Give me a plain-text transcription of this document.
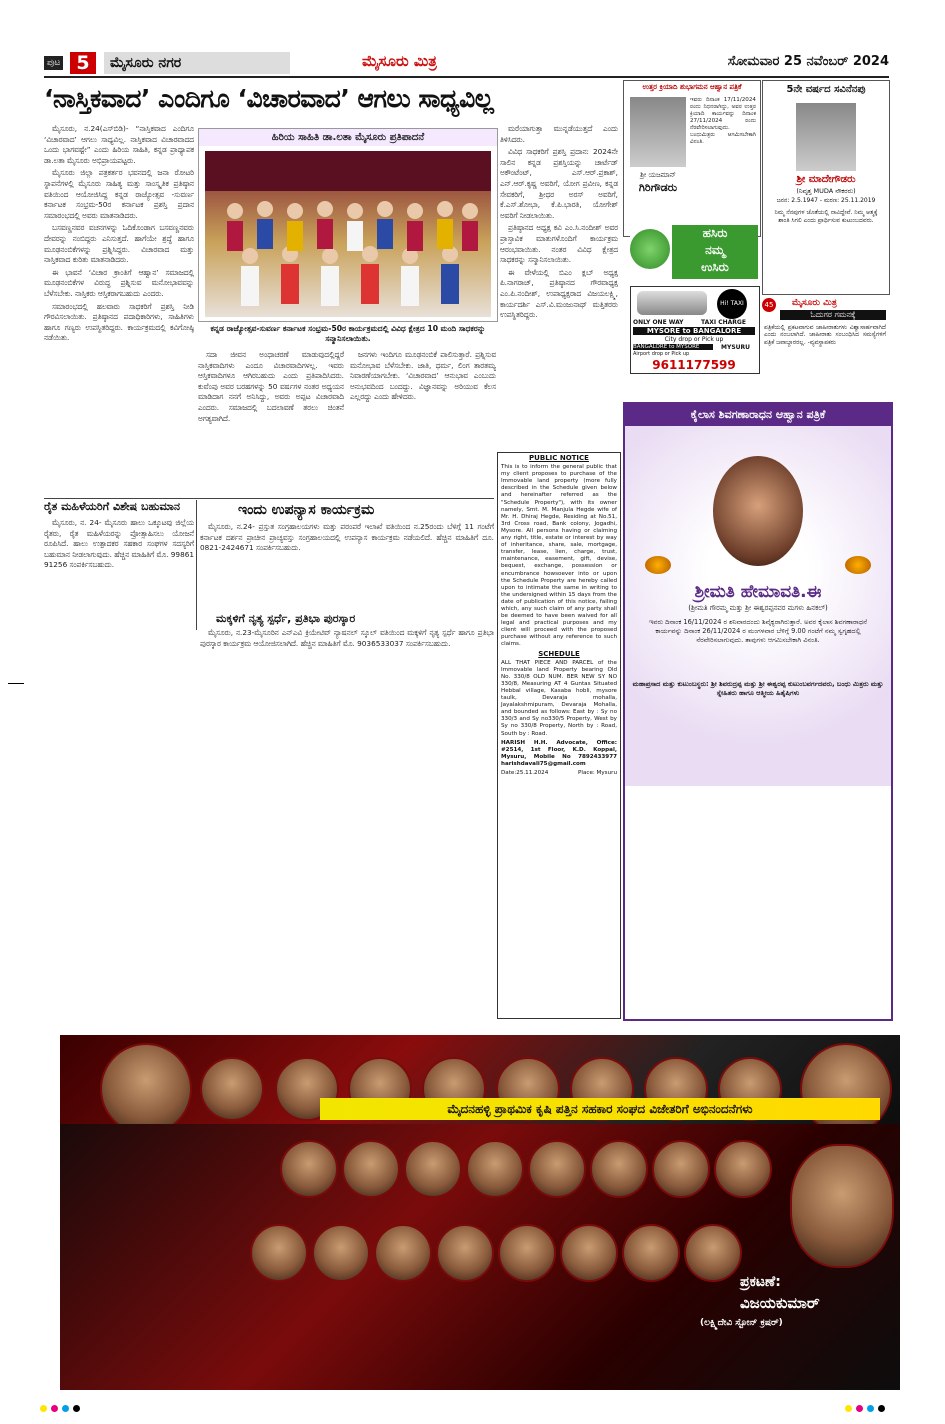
ಪುಟ 5	ಮೈಸೂರು ನಗರ	ಮೈಸೂರು ಮಿತ್ರ	ಸೋಮವಾರ 25 ನವೆಂಬರ್ 2024
‘ನಾಸ್ತಿಕವಾದ’ ಎಂದಿಗೂ ‘ವಿಚಾರವಾದ’ ಆಗಲು ಸಾಧ್ಯವಿಲ್ಲ

ಮೈಸೂರು, ನ.24(ಎಸ್‌ಬಿಡಿ)- “ನಾಸ್ತಿಕವಾದ ಎಂದಿಗೂ ‘ವಿಚಾರವಾದ’ ಆಗಲು ಸಾಧ್ಯವಿಲ್ಲ. ನಾಸ್ತಿಕವಾದ ವಿಚಾರವಾದದ ಒಂದು ಭಾಗವಷ್ಟೇ” ಎಂದು ಹಿರಿಯ ಸಾಹಿತಿ, ಕನ್ನಡ ಪ್ರಾಧ್ಯಾಪಕ ಡಾ.ಲತಾ ಮೈಸೂರು ಅಭಿಪ್ರಾಯಪಟ್ಟರು.

ಮೈಸೂರು ಜಿಲ್ಲಾ ಪತ್ರಕರ್ತರ ಭವನದಲ್ಲಿ ಜನಾ ರೋಟರಿ ಸ್ಥಾಪನೆಗಳಲ್ಲಿ ಮೈಸೂರು ಸಾಹಿತ್ಯ ಮತ್ತು ಸಾಂಸ್ಕೃತಿಕ ಪ್ರತಿಷ್ಠಾನ ವತಿಯಿಂದ ಆಯೋಜಿಸಿದ್ದ ಕನ್ನಡ ರಾಜ್ಯೋತ್ಸವ -ಸುವರ್ಣ ಕರ್ನಾಟಕ ಸಂಭ್ರಮ-50ರ ಕರ್ನಾಟಕ ಪ್ರಶಸ್ತಿ ಪ್ರದಾನ ಸಮಾರಂಭದಲ್ಲಿ ಅವರು ಮಾತನಾಡಿದರು.

ಬಸವಣ್ಣನವರ ವಚನಗಳನ್ನು ಓದಿಕೊಂಡಾಗ ಬಸವಣ್ಣನವರು ದೇವರನ್ನು ನಂಬಿದ್ದರು ಎನಿಸುತ್ತದೆ. ಹಾಗೆಯೇ ಶ್ರದ್ಧೆ ಹಾಗೂ ಮೂಢನಂಬಿಕೆಗಳನ್ನು ಪ್ರಶ್ನಿಸಿದ್ದರು. ವಿಚಾರವಾದ ಮತ್ತು ನಾಸ್ತಿಕವಾದ ಕುರಿತು ಮಾತನಾಡಿದರು.

ಈ ಭಾವನೆ ‘ವಿಚಾರ ಕ್ರಾಂತಿಗೆ ಆಹ್ವಾನ’ ಸಮಾಜದಲ್ಲಿ ಮೂಢನಂಬಿಕೆಗಳ ವಿರುದ್ಧ ಪ್ರಶ್ನಿಸುವ ಮನೋಭಾವವನ್ನು ಬೆಳೆಸಬೇಕು. ನಾಸ್ತಿಕರು ಆಸ್ತಿಕರಾಗಬಹುದು ಎಂದರು.

ಸಮಾರಂಭದಲ್ಲಿ ಹಲವಾರು ಸಾಧಕರಿಗೆ ಪ್ರಶಸ್ತಿ ನೀಡಿ ಗೌರವಿಸಲಾಯಿತು. ಪ್ರತಿಷ್ಠಾನದ ಪದಾಧಿಕಾರಿಗಳು, ಸಾಹಿತಿಗಳು ಹಾಗೂ ಗಣ್ಯರು ಉಪಸ್ಥಿತರಿದ್ದರು. ಕಾರ್ಯಕ್ರಮದಲ್ಲಿ ಕವಿಗೋಷ್ಠಿ ನಡೆಯಿತು.

ಹಿರಿಯ ಸಾಹಿತಿ ಡಾ.ಲತಾ ಮೈಸೂರು ಪ್ರತಿಪಾದನೆ
ಕನ್ನಡ ರಾಜ್ಯೋತ್ಸವ-ಸುವರ್ಣ ಕರ್ನಾಟಕ ಸಂಭ್ರಮ-50ರ ಕಾರ್ಯಕ್ರಮದಲ್ಲಿ ವಿವಿಧ ಕ್ಷೇತ್ರದ 10 ಮಂದಿ ಸಾಧಕರನ್ನು ಸನ್ಮಾನಿಸಲಾಯಿತು.

ಮರೆಯಾಗುತ್ತಾ ಮುನ್ನಡೆಯುತ್ತದೆ ಎಂದು ತಿಳಿಸಿದರು.

ವಿವಿಧ ಸಾಧಕರಿಗೆ ಪ್ರಶಸ್ತಿ ಪ್ರದಾನ: 2024ನೇ ಸಾಲಿನ ಕನ್ನಡ ಪ್ರಶಸ್ತಿಯನ್ನು ಚಾರ್ಟೆಡ್ ಅಕೌಂಟೆಂಟ್, ಎಸ್.ಆರ್.ಪ್ರಕಾಶ್, ಎನ್.ಆರ್.ಕೃಷ್ಣ ಅವರಿಗೆ, ಯೋಗ ಪ್ರವೀಣ, ಕನ್ನಡ ಸೇವಕರಿಗೆ, ಶ್ರೀಧರ ಅರಸ್ ಅವರಿಗೆ, ಕೆ.ಎಸ್.ಶೋಭಾ, ಕೆ.ಪಿ.ಭಾರತಿ, ಯೋಗೇಶ್ ಅವರಿಗೆ ನೀಡಲಾಯಿತು.

ಪ್ರತಿಷ್ಠಾನದ ಅಧ್ಯಕ್ಷ ಕವಿ ಎಂ.ಸಿ.ನಂದೀಶ್ ಅವರ ಪ್ರಾಸ್ತಾವಿಕ ಮಾತುಗಳೊಂದಿಗೆ ಕಾರ್ಯಕ್ರಮ ಆರಂಭವಾಯಿತು. ನಂತರ ವಿವಿಧ ಕ್ಷೇತ್ರದ ಸಾಧಕರನ್ನು ಸನ್ಮಾನಿಸಲಾಯಿತು.

ಈ ವೇಳೆಯಲ್ಲಿ ಬಿಎಂ ಕ್ಲಬ್ ಅಧ್ಯಕ್ಷ ಪಿ.ನಾಗರಾಜ್, ಪ್ರತಿಷ್ಠಾನದ ಗೌರವಾಧ್ಯಕ್ಷ ಎಂ.ಪಿ.ನಂದೀಶ್, ಉಪಾಧ್ಯಕ್ಷರಾದ ವಿಜಯಲಕ್ಷ್ಮಿ, ಕಾರ್ಯದರ್ಶಿ ಎಸ್.ವಿ.ಮಂಜುನಾಥ್ ಮತ್ತಿತರರು ಉಪಸ್ಥಿತರಿದ್ದರು.

ಸದಾ ಜೀವನ ಅಂಧಾಚರಣೆ ಮಾಡುವುದಲ್ಲಿದ್ದರೆ ನಾಸ್ತಿಕವಾದಿಗಳು ಎಂದೂ ವಿಚಾರವಾದಿಗಳಲ್ಲ. ಇವರು ಆಸ್ತಿಕವಾದಿಗಳೂ ಆಗಿರಬಹುದು ಎಂದು ಪ್ರತಿಪಾದಿಸಿದರು. ಕುವೆಂಪು ಅವರ ಬರಹಗಳನ್ನು 50 ವರ್ಷಗಳ ನಂತರ ಅಧ್ಯಯನ ಮಾಡಿದಾಗ ನನಗೆ ಅನಿಸಿದ್ದು, ಅವರು ಅಪ್ಪಟ ವಿಚಾರವಾದಿ ಎಂದರು. ಸಮಾಜದಲ್ಲಿ ಬದಲಾವಣೆ ತರಲು ಚಿಂತನೆ ಅಗತ್ಯವಾಗಿದೆ.

ಜನಗಳು ಇಂದಿಗೂ ಮೂಢನಂಬಿಕೆ ಪಾಲಿಸುತ್ತಾರೆ. ಪ್ರಶ್ನಿಸುವ ಮನೋಭಾವ ಬೆಳೆಸಬೇಕು. ಜಾತಿ, ಧರ್ಮ, ಲಿಂಗ ತಾರತಮ್ಯ ನಿವಾರಣೆಯಾಗಬೇಕು. ‘ವಿಚಾರವಾದ’ ಆನುಭಾವ ಎಂಬುದು ಅನುಭವದಿಂದ ಬಂದದ್ದು. ವಿಜ್ಞಾನವನ್ನು ಅರಿಯುವ ಕೆಲಸ ಎಲ್ಲರದ್ದು ಎಂದು ಹೇಳಿದರು.

ರೈತ ಮಹಿಳೆಯರಿಗೆ ವಿಶೇಷ ಬಹುಮಾನ

ಮೈಸೂರು, ನ. 24- ಮೈಸೂರು ಹಾಲು ಒಕ್ಕೂಟವು ಜಿಲ್ಲೆಯ ರೈತರು, ರೈತ ಮಹಿಳೆಯರನ್ನು ಪ್ರೋತ್ಸಾಹಿಸಲು ಯೋಜನೆ ರೂಪಿಸಿದೆ. ಹಾಲು ಉತ್ಪಾದಕರ ಸಹಕಾರ ಸಂಘಗಳ ಸದಸ್ಯರಿಗೆ ಬಹುಮಾನ ನೀಡಲಾಗುವುದು. ಹೆಚ್ಚಿನ ಮಾಹಿತಿಗೆ ಮೊ. 99861 91256 ಸಂಪರ್ಕಿಸಬಹುದು.

ಇಂದು ಉಪನ್ಯಾಸ ಕಾರ್ಯಕ್ರಮ

ಮೈಸೂರು, ನ.24- ಪ್ರಸ್ತುತ ಸಂಗ್ರಹಾಲಯಗಳು ಮತ್ತು ಪರಂಪರೆ ಇಲಾಖೆ ವತಿಯಿಂದ ನ.25ರಂದು ಬೆಳಿಗ್ಗೆ 11 ಗಂಟೆಗೆ ಕರ್ನಾಟಕ ದರ್ಶನ ಪ್ರಾಚೀನ ಪ್ರಾಚ್ಯವಸ್ತು ಸಂಗ್ರಹಾಲಯದಲ್ಲಿ ಉಪನ್ಯಾಸ ಕಾರ್ಯಕ್ರಮ ನಡೆಯಲಿದೆ. ಹೆಚ್ಚಿನ ಮಾಹಿತಿಗೆ ದೂ. 0821-2424671 ಸಂಪರ್ಕಿಸಬಹುದು.

ಮಕ್ಕಳಿಗೆ ನೃತ್ಯ ಸ್ಪರ್ಧೆ, ಪ್ರತಿಭಾ ಪುರಸ್ಕಾರ

ಮೈಸೂರು, ನ.23-ಮೈಸೂರಿನ ಎನ್‌ಎವಿ ಕ್ರಿಯೇಟಿವ್ ನ್ಯಾಷನಲ್ ಸ್ಕೂಲ್ ವತಿಯಿಂದ ಮಕ್ಕಳಿಗೆ ನೃತ್ಯ ಸ್ಪರ್ಧೆ ಹಾಗೂ ಪ್ರತಿಭಾ ಪುರಸ್ಕಾರ ಕಾರ್ಯಕ್ರಮ ಆಯೋಜಿಸಲಾಗಿದೆ. ಹೆಚ್ಚಿನ ಮಾಹಿತಿಗೆ ಮೊ. 9036533037 ಸಂಪರ್ಕಿಸಬಹುದು.

PUBLIC NOTICE
This is to inform the general public that my client proposes to purchase of the Immovable land property (more fully described in the Schedule given below and hereinafter referred as the "Schedule Property"), with its owner namely, Smt. M. Manjula Hegde wife of Mr. H. Dhiraj Hegde, Residing at No.51, 3rd Cross road, Bank colony, Jogadhi, Mysore. All persons having or claiming any right, title, estate or interest by way of inheritance, share, sale, mortgage, transfer, lease, lien, charge, trust, maintenance, easement, gift, devise, bequest, exchange, possession or encumbrance howsoever into or upon the Schedule Property are hereby called upon to intimate the same in writing to the undersigned within 15 days from the date of publication of this notice, failing which, any such claim of any party shall be deemed to have been waived for all legal and practical purposes and my client will proceed with the proposed purchase without any reference to such claims.
SCHEDULE
ALL THAT PIECE AND PARCEL of the Immovable land Property bearing Old No. 330/8 OLD NUM. BER NEW SY NO 330/8, Measuring AT 4 Guntas Situated Hebbal village, Kasaba hobli, mysore taulk, Devaraja mohalla, Jayalakshmipuram, Devaraja Mohalla, and bounded as follows: East by : Sy no 330/3 and Sy no330/5 Property, West by Sy no 330/8 Property, North by : Road, South by : Road.
HARISH H.H. Advocate, Office: #2514, 1st Floor, K.D. Koppal, Mysuru, Mobile No 7892433977 harishdavali75@gmail.com
Date:25.11.2024	Place: Mysuru
ಉತ್ತರ ಕ್ರಿಯಾದಿ ಶುಭಾಗಮನ ಆಹ್ವಾನ ಪತ್ರಿಕೆ
ಇವರು ದಿನಾಂಕ 17/11/2024 ರಂದು ನಿಧನರಾಗಿದ್ದು, ಅವರ ಉತ್ತರ ಕ್ರಿಯಾದಿ ಕಾರ್ಯವನ್ನು ದಿನಾಂಕ 27/11/2024 ರಂದು ನೆರವೇರಿಸಲಾಗುವುದು. ಬಂಧುಮಿತ್ರರು ಆಗಮಿಸಬೇಕಾಗಿ ವಿನಂತಿ.
ಶ್ರೀ ಯಜಮಾನ್
ಗಿರಿಗೌಡರು
5ನೇ ವರ್ಷದ ಸವಿನೆನಪು
ಶ್ರೀ ಮಾದೇಗೌಡರು
(ನಿವೃತ್ತ MUDA ನೌಕರರು)
ಜನನ: 2.5.1947 - ಮರಣ: 25.11.2019
ನಿಮ್ಮ ನೆನಪುಗಳ ಜೊತೆಯಲ್ಲಿ ನಾವಿದ್ದೇವೆ. ನಿಮ್ಮ ಆತ್ಮಕ್ಕೆ ಶಾಂತಿ ಸಿಗಲಿ ಎಂದು ಪ್ರಾರ್ಥಿಸುವ ಕುಟುಂಬದವರು.
ಹಸಿರು
ನಮ್ಮ
ಉಸಿರು
Hi! TAXI
ONLY ONE WAY	TAXI CHARGE
MYSORE to BANGALORE
City drop or Pick up
BANGALORE to MYSORE	MYSURU
Airport drop or Pick up
9611177599
45 ಮೈಸೂರು ಮಿತ್ರ
ಓದುಗರ ಗಮನಕ್ಕೆ
ಪತ್ರಿಕೆಯಲ್ಲಿ ಪ್ರಕಟವಾಗುವ ಜಾಹೀರಾತುಗಳು ವಿಶ್ವಾಸಾರ್ಹವಾಗಿದೆ ಎಂದು ನಂಬಲಾಗಿದೆ. ಜಾಹೀರಾತು ಸಂಬಂಧಿಸಿದ ಸಮಸ್ಯೆಗಳಿಗೆ ಪತ್ರಿಕೆ ಜವಾಬ್ದಾರರಲ್ಲ. -ವ್ಯವಸ್ಥಾಪಕರು
ಕೈಲಾಸ ಶಿವಗಣಾರಾಧನ ಆಹ್ವಾನ ಪತ್ರಿಕೆ
ಶ್ರೀಮತಿ ಹೇಮಾವತಿ.ಈ
(ಶ್ರೀಮತಿ ಗೌರಮ್ಮ ಮತ್ತು ಶ್ರೀ ಈಶ್ವರಪ್ಪನವರ ಮಗಳು ಹಿನಕಲ್)
ಇವರು ದಿನಾಂಕ 16/11/2024 ರ ಶನಿವಾರದಂದು ಶಿವೈಕ್ಯರಾಗಿರುತ್ತಾರೆ. ಅವರ ಕೈಲಾಸ ಶಿವಗಣಾರಾಧನೆ ಕಾರ್ಯವನ್ನು ದಿನಾಂಕ 26/11/2024 ರ ಮಂಗಳವಾರ ಬೆಳಿಗ್ಗೆ 9.00 ಗಂಟೆಗೆ ನಮ್ಮ ಸ್ವಗೃಹದಲ್ಲಿ ನೆರವೇರಿಸಲಾಗುವುದು. ತಾವುಗಳು ಆಗಮಿಸಬೇಕಾಗಿ ವಿನಂತಿ.
ಮಹಾಪ್ರಸಾದ ಮತ್ತು ಕುಟುಂಬಸ್ಥರು: ಶ್ರೀ ಶಿವರುದ್ರಪ್ಪ ಮತ್ತು ಶ್ರೀ ಈಶ್ವರಪ್ಪ ಕುಟುಂಬವರ್ಗದವರು, ಬಂಧು ಮಿತ್ರರು ಮತ್ತು ಸ್ನೇಹಿತರು ಹಾಗೂ ಆತ್ಮೀಯ ಹಿತೈಷಿಗಳು
ಮೈದನಹಳ್ಳಿ ಪ್ರಾಥಮಿಕ ಕೃಷಿ ಪತ್ತಿನ ಸಹಕಾರ ಸಂಘದ ವಿಜೇತರಿಗೆ ಅಭಿನಂದನೆಗಳು
ಪ್ರಕಟಣೆ:
ವಿಜಯಕುಮಾರ್
(ಲಕ್ಷ್ಮಿದೇವಿ ಸ್ಟೋನ್ ಕ್ರಷರ್)
